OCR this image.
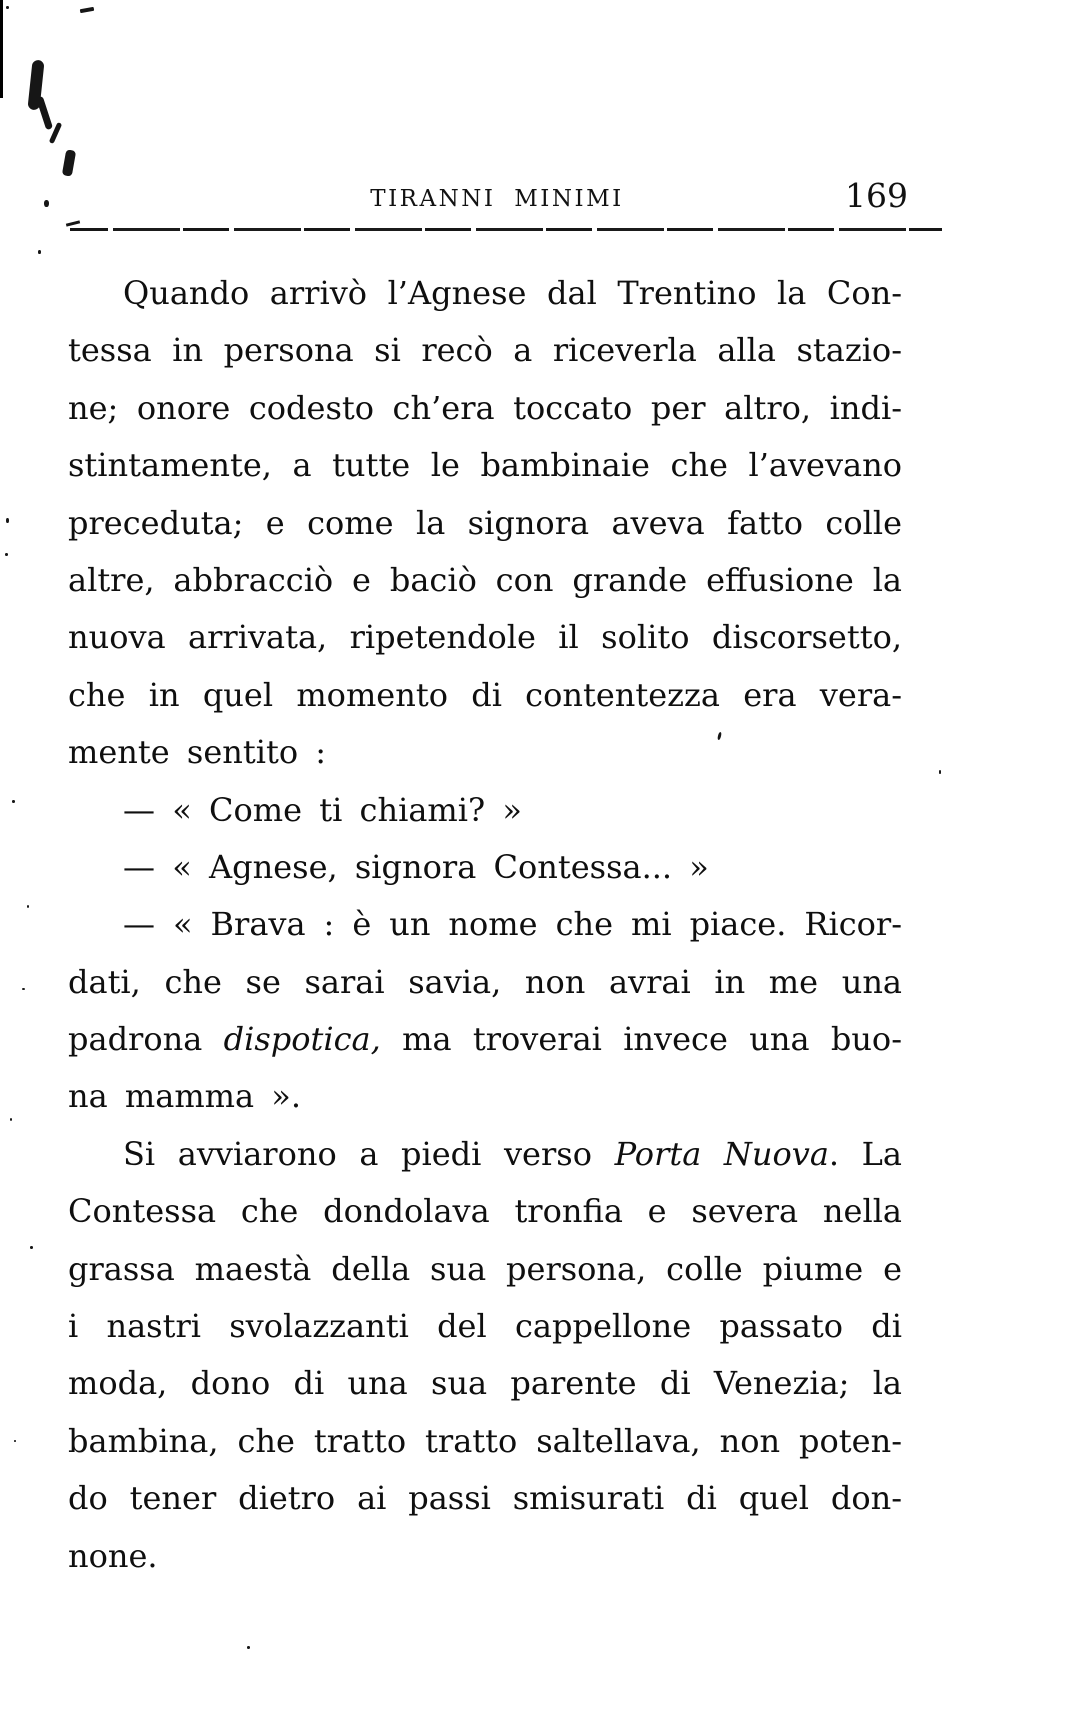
TIRANNI MINIMI	169
Quando arrivò l’Agnese dal Trentino la Con-
tessa in persona si recò a riceverla alla stazio-
ne; onore codesto ch’era toccato per altro, indi-
stintamente, a tutte le bambinaie che l’avevano
preceduta; e come la signora aveva fatto colle
altre, abbracciò e baciò con grande effusione la
nuova arrivata, ripetendole il solito discorsetto,
che in quel momento di contentezza era vera-
mente sentito :
— « Come ti chiami? »
— « Agnese, signora Contessa... »
— « Brava : è un nome che mi piace. Ricor-
dati, che se sarai savia, non avrai in me una
padrona dispotica, ma troverai invece una buo-
na mamma ».
Si avviarono a piedi verso Porta Nuova. La
Contessa che dondolava tronfia e severa nella
grassa maestà della sua persona, colle piume e
i nastri svolazzanti del cappellone passato di
moda, dono di una sua parente di Venezia; la
bambina, che tratto tratto saltellava, non poten-
do tener dietro ai passi smisurati di quel don-
none.
